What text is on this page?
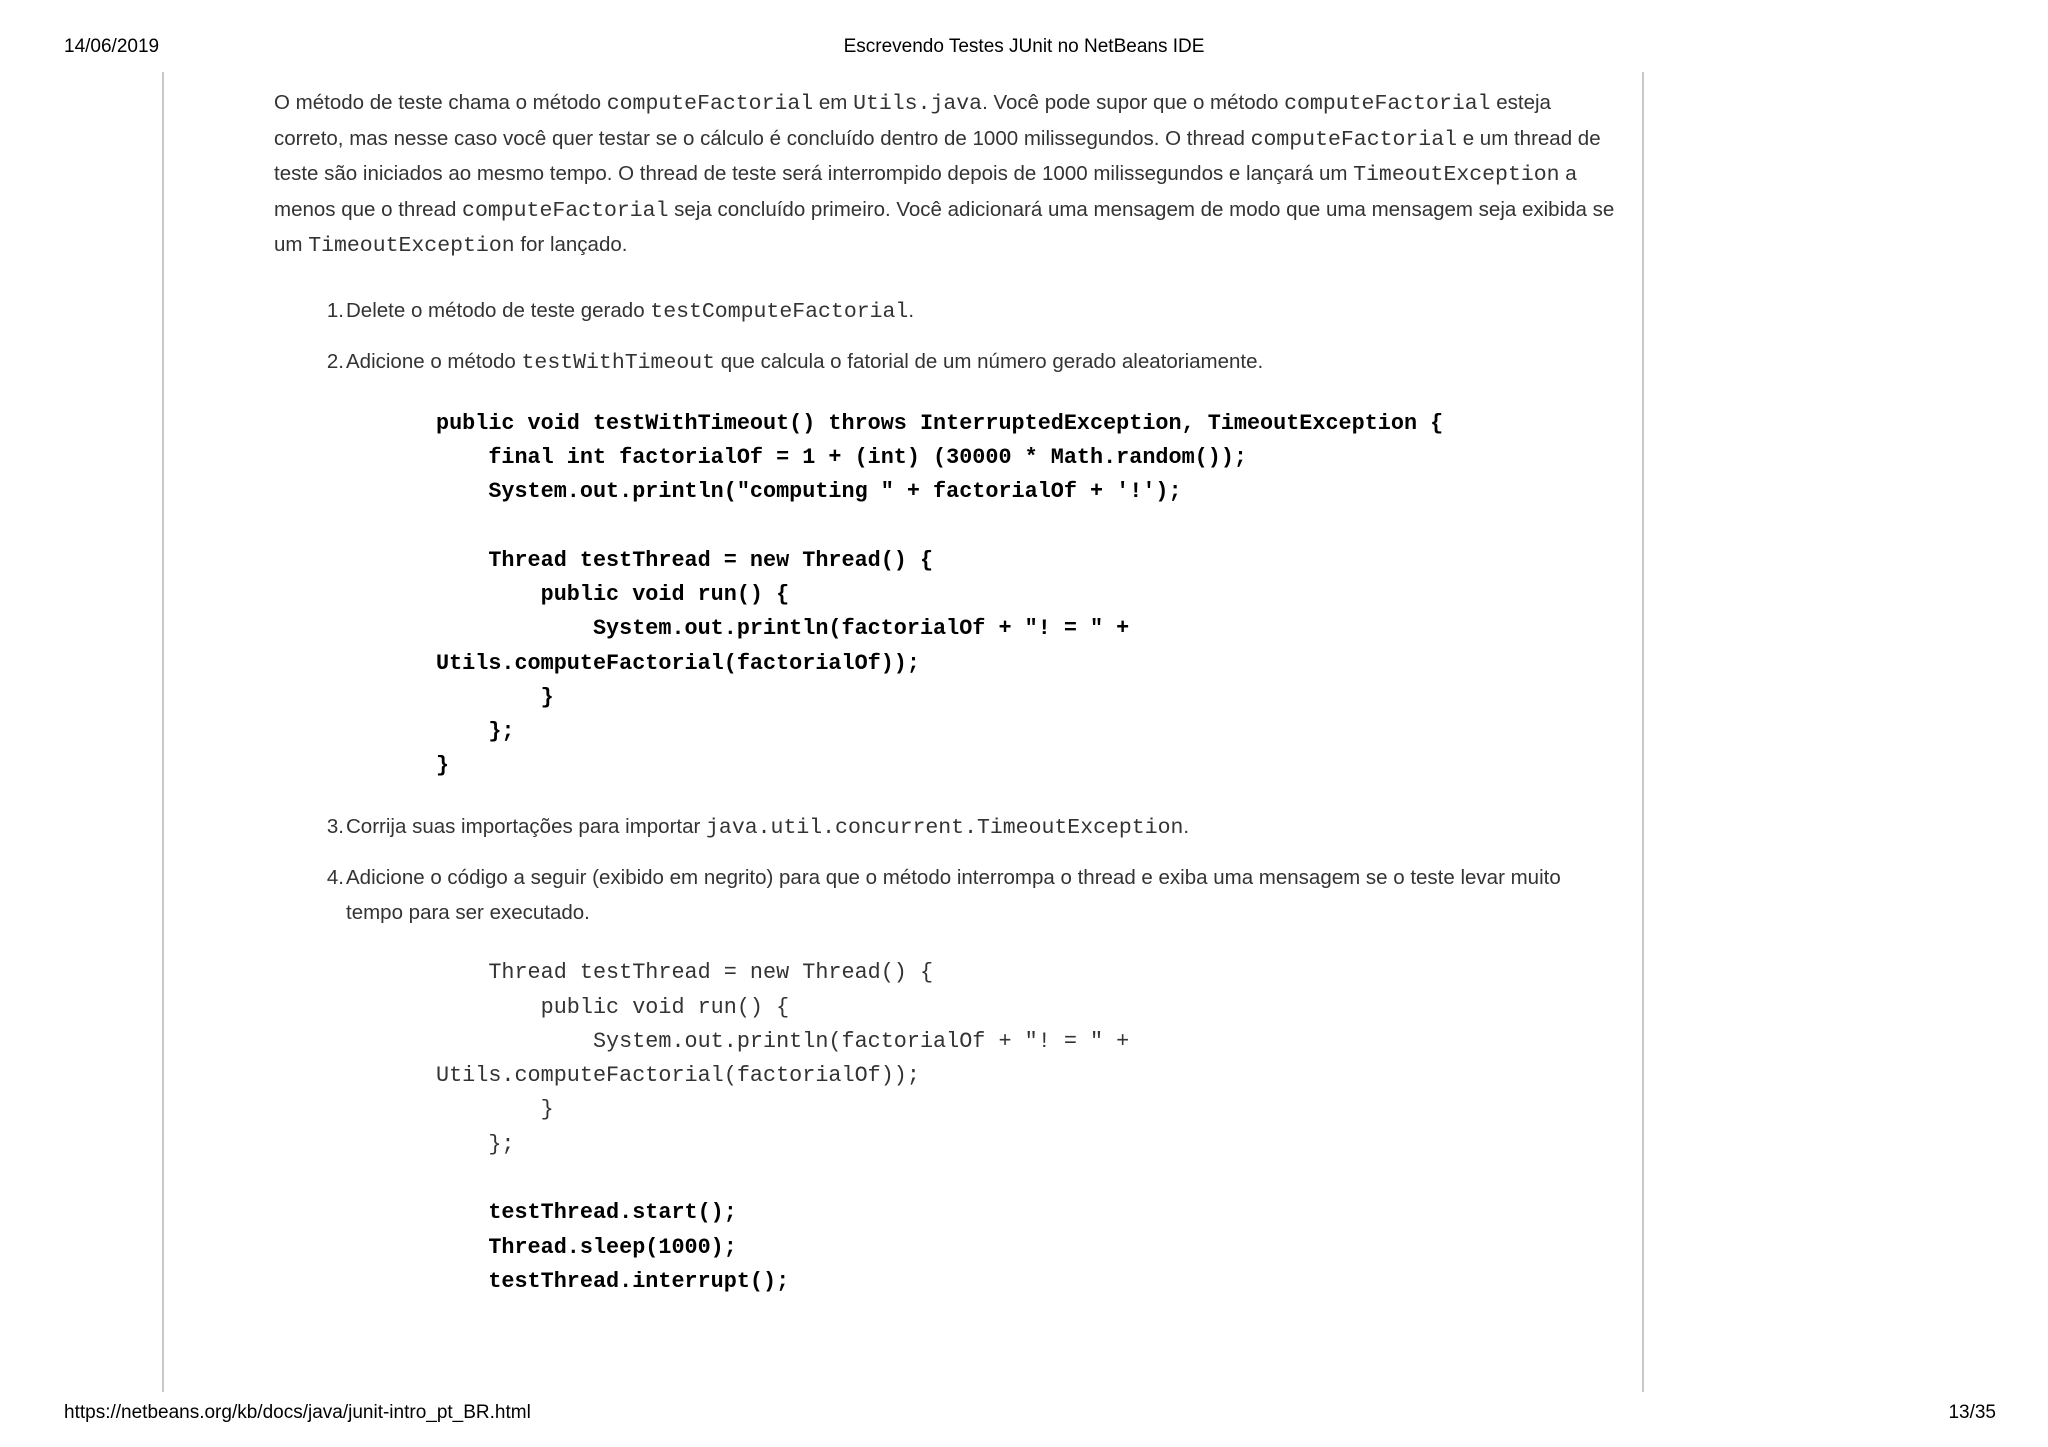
14/06/2019	Escrevendo Testes JUnit no NetBeans IDE

O método de teste chama o método computeFactorial em Utils.java. Você pode supor que o método computeFactorial esteja correto, mas nesse caso você quer testar se o cálculo é concluído dentro de 1000 milissegundos. O thread computeFactorial e um thread de teste são iniciados ao mesmo tempo. O thread de teste será interrompido depois de 1000 milissegundos e lançará um TimeoutException a menos que o thread computeFactorial seja concluído primeiro. Você adicionará uma mensagem de modo que uma mensagem seja exibida se um TimeoutException for lançado.

1. Delete o método de teste gerado testComputeFactorial.
2. Adicione o método testWithTimeout que calcula o fatorial de um número gerado aleatoriamente.
public void testWithTimeout() throws InterruptedException, TimeoutException {
final int factorialOf = 1 + (int) (30000 * Math.random());
System.out.println("computing " + factorialOf + '!');

Thread testThread = new Thread() {
public void run() {
System.out.println(factorialOf + "! = " +
Utils.computeFactorial(factorialOf));
}
};
}
3. Corrija suas importações para importar java.util.concurrent.TimeoutException.
4. Adicione o código a seguir (exibido em negrito) para que o método interrompa o thread e exiba uma mensagem se o teste levar muito tempo para ser executado.
Thread testThread = new Thread() {
public void run() {
System.out.println(factorialOf + "! = " +
Utils.computeFactorial(factorialOf));
}
};

testThread.start();
Thread.sleep(1000);
testThread.interrupt();
https://netbeans.org/kb/docs/java/junit-intro_pt_BR.html	13/35
